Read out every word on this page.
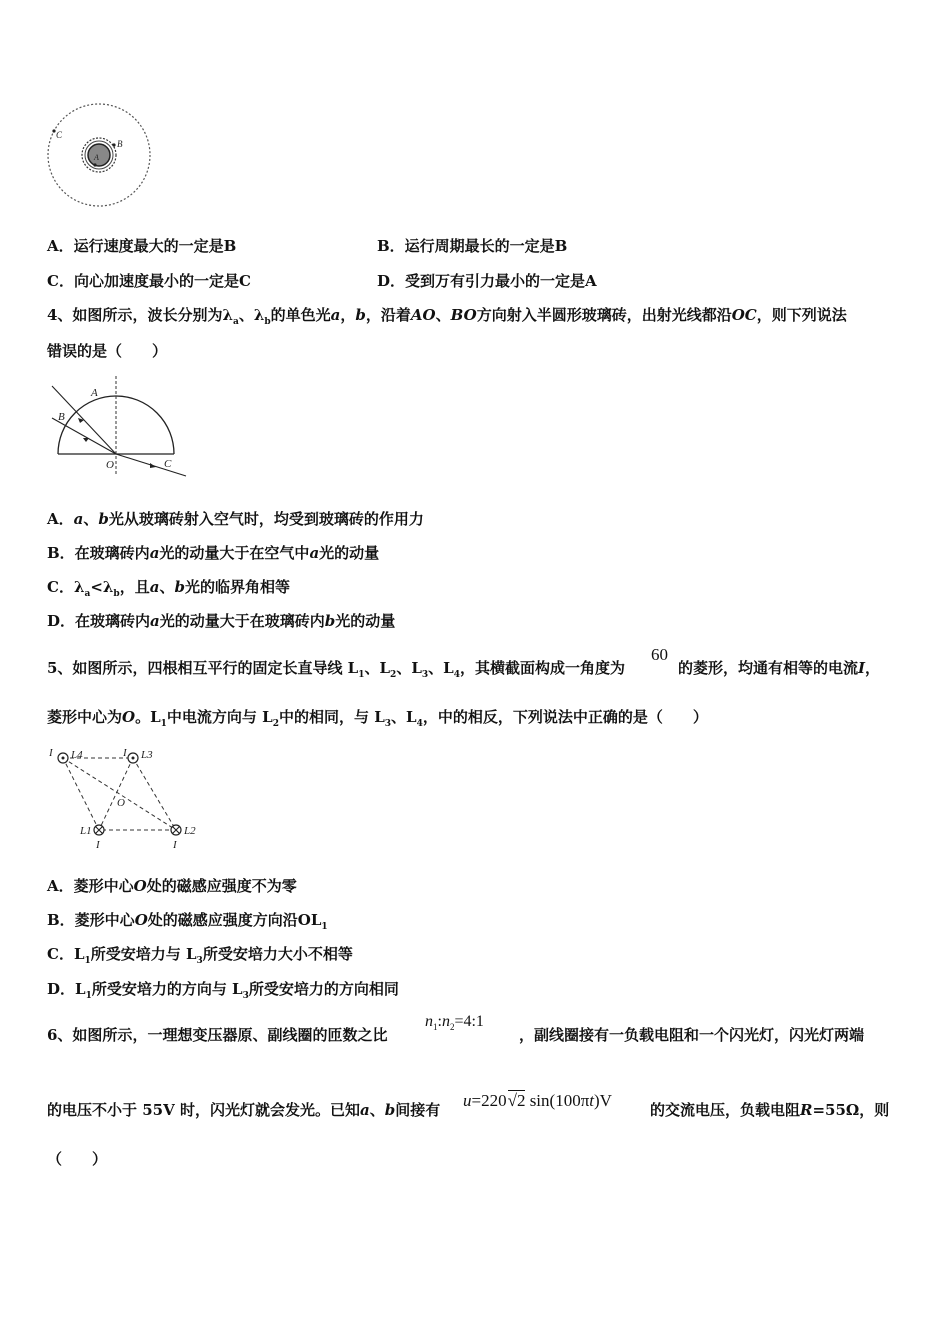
C
B
A
A．运行速度最大的一定是B	B．运行周期最长的一定是B
C．向心加速度最小的一定是C	D．受到万有引力最小的一定是A
4、如图所示，波长分别为$\lambda_a$、$\lambda_b$的单色光a，b，沿着AO、BO方向射入半圆形玻璃砖，出射光线都沿OC，则下列说法
错误的是（　　）
A
B
O	C
A．a、b光从玻璃砖射入空气时，均受到玻璃砖的作用力
B．在玻璃砖内a光的动量大于在空气中a光的动量
C．$\lambda_a<\lambda_b$，且a、b光的临界角相等
D．在玻璃砖内a光的动量大于在玻璃砖内b光的动量
5、如图所示，四根相互平行的固定长直导线 $L_1$、$L_2$、$L_3$、$L_4$，其横截面构成一角度为
60
的菱形，均通有相等的电流I，
菱形中心为O。$L_1$中电流方向与 $L_2$中的相同，与 $L_3$、$L_4$，中的相反，下列说法中正确的是（　　）
I L4	I L3
O
L1	L2
I	I
A．菱形中心O处的磁感应强度不为零
B．菱形中心O处的磁感应强度方向沿$OL_1$
C．$L_1$所受安培力与 $L_3$所受安培力大小不相等
D．$L_1$所受安培力的方向与 $L_3$所受安培力的方向相同
6、如图所示，一理想变压器原、副线圈的匝数之比
$n_1:n_2=4:1$
，副线圈接有一负载电阻和一个闪光灯，闪光灯两端
的电压不小于 55V 时，闪光灯就会发光。已知a、b间接有 u=220√2 sin(100πt)V	的交流电压，负载电阻R=55Ω，则
（　　）
